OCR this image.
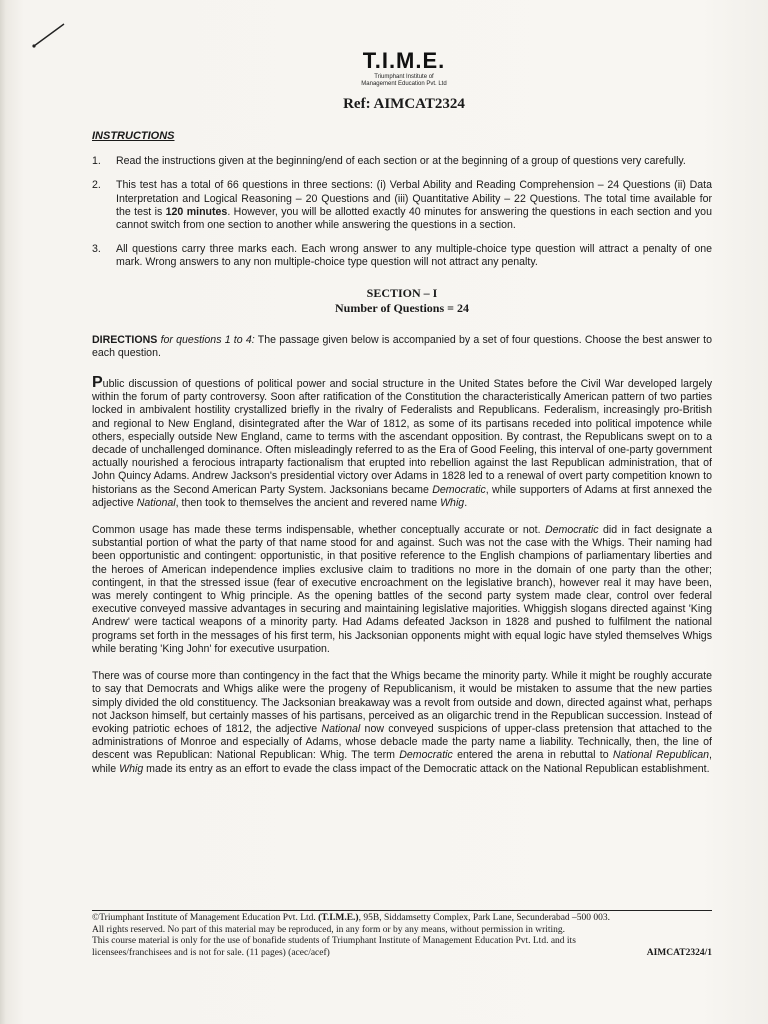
T.I.M.E.
Triumphant Institute of
Management Education Pvt. Ltd
Ref: AIMCAT2324
INSTRUCTIONS
1.	Read the instructions given at the beginning/end of each section or at the beginning of a group of questions very carefully.
2.	This test has a total of 66 questions in three sections: (i) Verbal Ability and Reading Comprehension – 24 Questions (ii) Data Interpretation and Logical Reasoning – 20 Questions and (iii) Quantitative Ability – 22 Questions. The total time available for the test is 120 minutes. However, you will be allotted exactly 40 minutes for answering the questions in each section and you cannot switch from one section to another while answering the questions in a section.
3.	All questions carry three marks each. Each wrong answer to any multiple-choice type question will attract a penalty of one mark. Wrong answers to any non multiple-choice type question will not attract any penalty.
SECTION – I
Number of Questions = 24
DIRECTIONS for questions 1 to 4: The passage given below is accompanied by a set of four questions. Choose the best answer to each question.
Public discussion of questions of political power and social structure in the United States before the Civil War developed largely within the forum of party controversy. Soon after ratification of the Constitution the characteristically American pattern of two parties locked in ambivalent hostility crystallized briefly in the rivalry of Federalists and Republicans. Federalism, increasingly pro-British and regional to New England, disintegrated after the War of 1812, as some of its partisans receded into political impotence while others, especially outside New England, came to terms with the ascendant opposition. By contrast, the Republicans swept on to a decade of unchallenged dominance. Often misleadingly referred to as the Era of Good Feeling, this interval of one-party government actually nourished a ferocious intraparty factionalism that erupted into rebellion against the last Republican administration, that of John Quincy Adams. Andrew Jackson's presidential victory over Adams in 1828 led to a renewal of overt party competition known to historians as the Second American Party System. Jacksonians became Democratic, while supporters of Adams at first annexed the adjective National, then took to themselves the ancient and revered name Whig.
Common usage has made these terms indispensable, whether conceptually accurate or not. Democratic did in fact designate a substantial portion of what the party of that name stood for and against. Such was not the case with the Whigs. Their naming had been opportunistic and contingent: opportunistic, in that positive reference to the English champions of parliamentary liberties and the heroes of American independence implies exclusive claim to traditions no more in the domain of one party than the other; contingent, in that the stressed issue (fear of executive encroachment on the legislative branch), however real it may have been, was merely contingent to Whig principle. As the opening battles of the second party system made clear, control over federal executive conveyed massive advantages in securing and maintaining legislative majorities. Whiggish slogans directed against 'King Andrew' were tactical weapons of a minority party. Had Adams defeated Jackson in 1828 and pushed to fulfilment the national programs set forth in the messages of his first term, his Jacksonian opponents might with equal logic have styled themselves Whigs while berating 'King John' for executive usurpation.
There was of course more than contingency in the fact that the Whigs became the minority party. While it might be roughly accurate to say that Democrats and Whigs alike were the progeny of Republicanism, it would be mistaken to assume that the new parties simply divided the old constituency. The Jacksonian breakaway was a revolt from outside and down, directed against what, perhaps not Jackson himself, but certainly masses of his partisans, perceived as an oligarchic trend in the Republican succession. Instead of evoking patriotic echoes of 1812, the adjective National now conveyed suspicions of upper-class pretension that attached to the administrations of Monroe and especially of Adams, whose debacle made the party name a liability. Technically, then, the line of descent was Republican: National Republican: Whig. The term Democratic entered the arena in rebuttal to National Republican, while Whig made its entry as an effort to evade the class impact of the Democratic attack on the National Republican establishment.
©Triumphant Institute of Management Education Pvt. Ltd. (T.I.M.E.), 95B, Siddamsetty Complex, Park Lane, Secunderabad –500 003.
All rights reserved. No part of this material may be reproduced, in any form or by any means, without permission in writing.
This course material is only for the use of bonafide students of Triumphant Institute of Management Education Pvt. Ltd. and its
licensees/franchisees and is not for sale. (11 pages) (acec/acef)	AIMCAT2324/1
